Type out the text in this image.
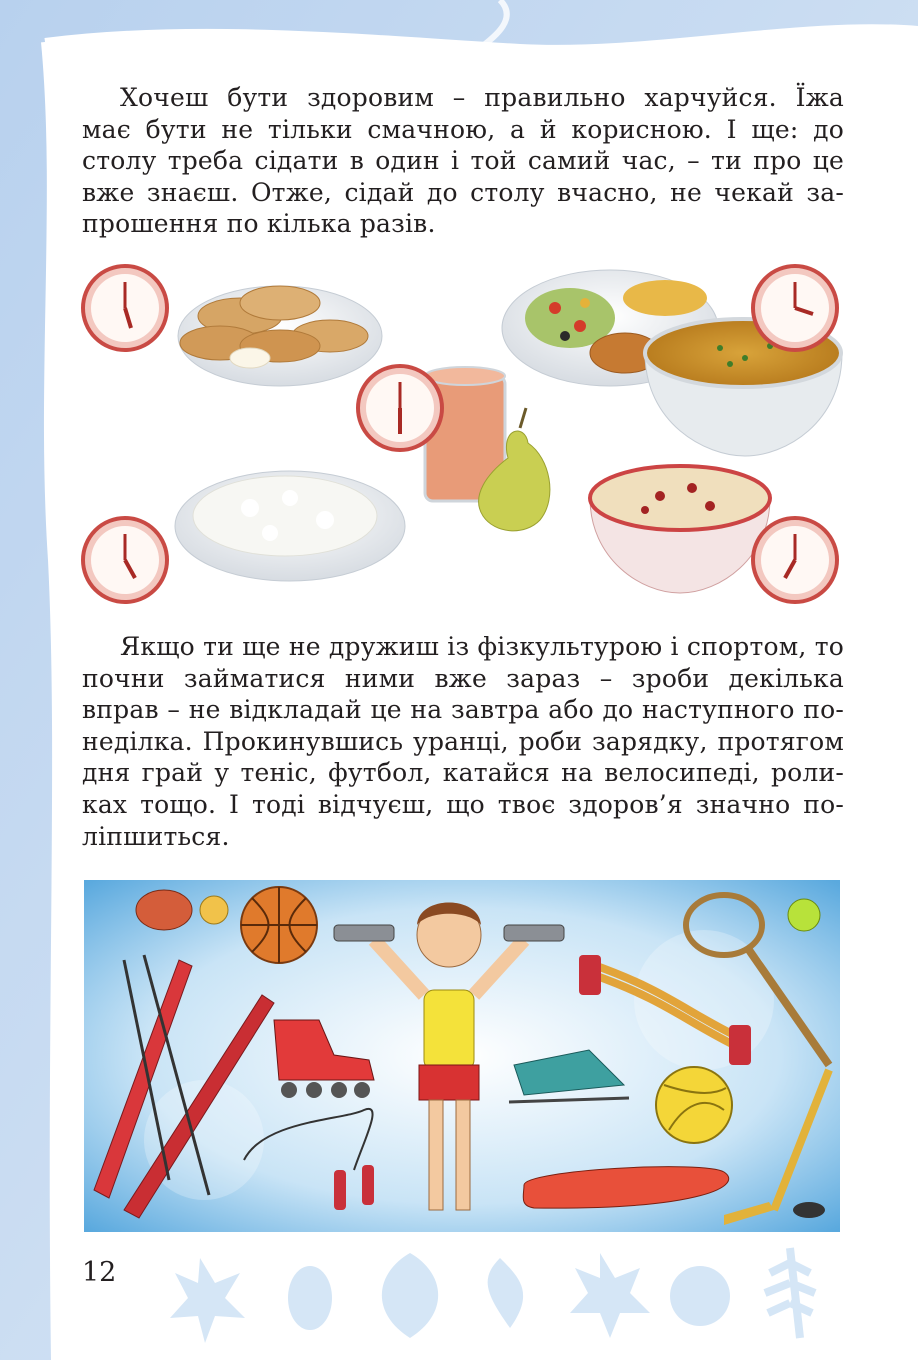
Хочеш бути здоровим – правильно харчуйся. Їжа
має бути не тільки смачною, а й корисною. І ще: до
столу треба сідати в один і той самий час, – ти про це
вже знаєш. Отже, сідай до столу вчасно, не чекай за-
прошення по кілька разів.

Якщо ти ще не дружиш із фізкультурою і спортом, то
почни займатися ними вже зараз – зроби декілька
вправ – не відкладай це на завтра або до наступного по-
неділка. Прокинувшись уранці, роби зарядку, протягом
дня грай у теніс, футбол, катайся на велосипеді, роли-
ках тощо. І тоді відчуєш, що твоє здоров’я значно по-
ліпшиться.

12
